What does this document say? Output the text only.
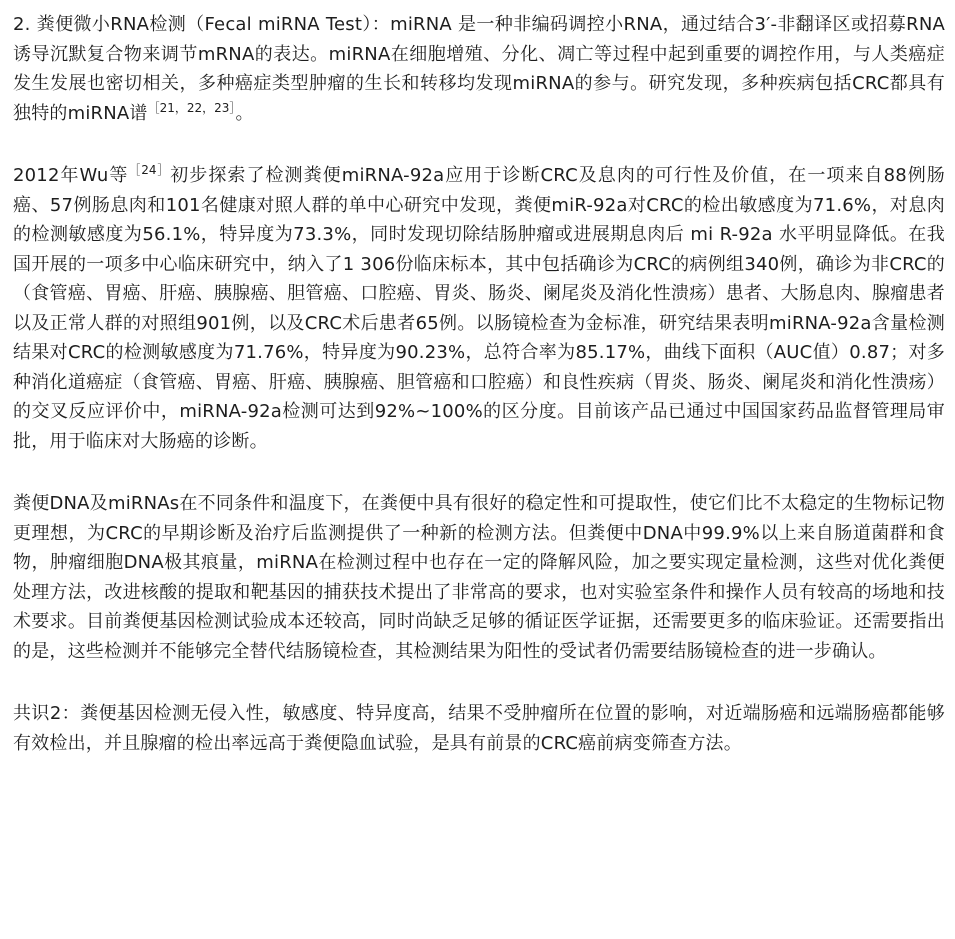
2. 粪便微小RNA检测（Fecal miRNA Test）：miRNA 是一种非编码调控小RNA，通过结合3′-非翻译区或招募RNA诱导沉默复合物来调节mRNA的表达。miRNA在细胞增殖、分化、凋亡等过程中起到重要的调控作用，与人类癌症发生发展也密切相关，多种癌症类型肿瘤的生长和转移均发现miRNA的参与。研究发现，多种疾病包括CRC都具有独特的miRNA谱$^{[21,22,23]}$。

2012年Wu等$^{[24]}$初步探索了检测粪便miRNA-92a应用于诊断CRC及息肉的可行性及价值，在一项来自88例肠癌、57例肠息肉和101名健康对照人群的单中心研究中发现，粪便miR-92a对CRC的检出敏感度为71.6%，对息肉的检测敏感度为56.1%，特异度为73.3%，同时发现切除结肠肿瘤或进展期息肉后 mi R-92a 水平明显降低。在我国开展的一项多中心临床研究中，纳入了1 306份临床标本，其中包括确诊为CRC的病例组340例，确诊为非CRC的（食管癌、胃癌、肝癌、胰腺癌、胆管癌、口腔癌、胃炎、肠炎、阑尾炎及消化性溃疡）患者、大肠息肉、腺瘤患者以及正常人群的对照组901例，以及CRC术后患者65例。以肠镜检查为金标准，研究结果表明miRNA-92a含量检测结果对CRC的检测敏感度为71.76%，特异度为90.23%，总符合率为85.17%，曲线下面积（AUC值）0.87；对多种消化道癌症（食管癌、胃癌、肝癌、胰腺癌、胆管癌和口腔癌）和良性疾病（胃炎、肠炎、阑尾炎和消化性溃疡）的交叉反应评价中，miRNA-92a检测可达到92%~100%的区分度。目前该产品已通过中国国家药品监督管理局审批，用于临床对大肠癌的诊断。

粪便DNA及miRNAs在不同条件和温度下，在粪便中具有很好的稳定性和可提取性，使它们比不太稳定的生物标记物更理想，为CRC的早期诊断及治疗后监测提供了一种新的检测方法。但粪便中DNA中99.9%以上来自肠道菌群和食物，肿瘤细胞DNA极其痕量，miRNA在检测过程中也存在一定的降解风险，加之要实现定量检测，这些对优化粪便处理方法，改进核酸的提取和靶基因的捕获技术提出了非常高的要求，也对实验室条件和操作人员有较高的场地和技术要求。目前粪便基因检测试验成本还较高，同时尚缺乏足够的循证医学证据，还需要更多的临床验证。还需要指出的是，这些检测并不能够完全替代结肠镜检查，其检测结果为阳性的受试者仍需要结肠镜检查的进一步确认。

共识2：粪便基因检测无侵入性，敏感度、特异度高，结果不受肿瘤所在位置的影响，对近端肠癌和远端肠癌都能够有效检出，并且腺瘤的检出率远高于粪便隐血试验，是具有前景的CRC癌前病变筛查方法。
